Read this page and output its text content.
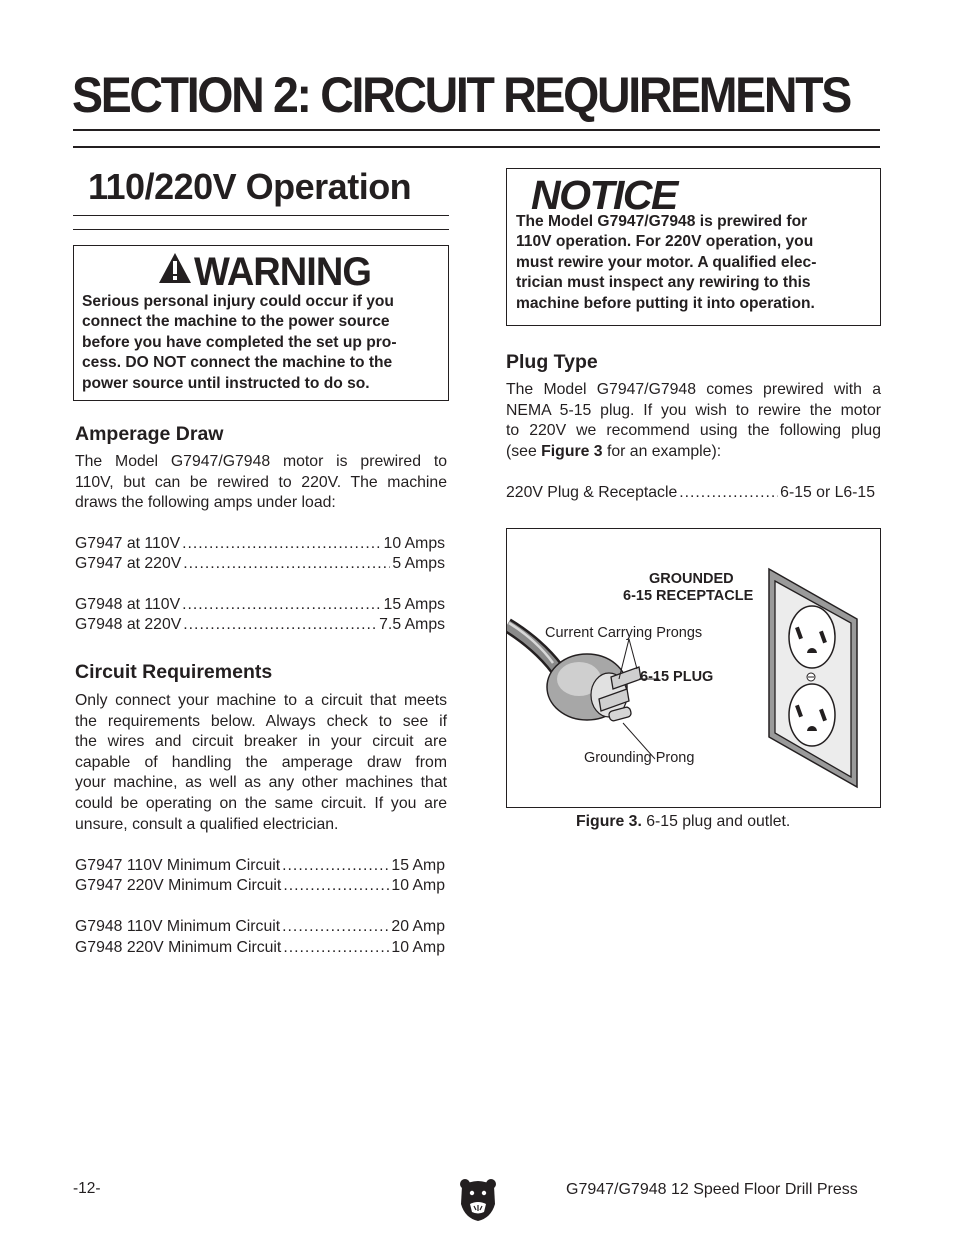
SECTION 2: CIRCUIT REQUIREMENTS
110/220V Operation
WARNING
Serious personal injury could occur if you
connect the machine to the power source
before you have completed the set up pro-
cess. DO NOT connect the machine to the
power source until instructed to do so.
Amperage Draw
The Model G7947/G7948 motor is prewired to
110V, but can be rewired to 220V. The machine
draws the following amps under load:
G7947 at 110V .....	10 Amps
G7947 at 220V .....	5 Amps
G7948 at 110V .....	15 Amps
G7948 at 220V .....	7.5 Amps
Circuit Requirements
Only connect your machine to a circuit that meets
the requirements below. Always check to see if
the wires and circuit breaker in your circuit are
capable of handling the amperage draw from
your machine, as well as any other machines that
could be operating on the same circuit. If you are
unsure, consult a qualified electrician.
G7947 110V Minimum Circuit .....	15 Amp
G7947 220V Minimum Circuit .....	10 Amp
G7948 110V Minimum Circuit .....	20 Amp
G7948 220V Minimum Circuit .....	10 Amp
NOTICE
The Model G7947/G7948 is prewired for
110V operation. For 220V operation, you
must rewire your motor. A qualified elec-
trician must inspect any rewiring to this
machine before putting it into operation.
Plug Type
The Model G7947/G7948 comes prewired with a
NEMA 5-15 plug. If you wish to rewire the motor
to 220V we recommend using the following plug
(see Figure 3 for an example):
220V Plug & Receptacle .....	6-15 or L6-15
GROUNDED
6-15 RECEPTACLE
Current Carrying Prongs
6-15 PLUG
Grounding Prong
Figure 3. 6-15 plug and outlet.
-12-	G7947/G7948 12 Speed Floor Drill Press
